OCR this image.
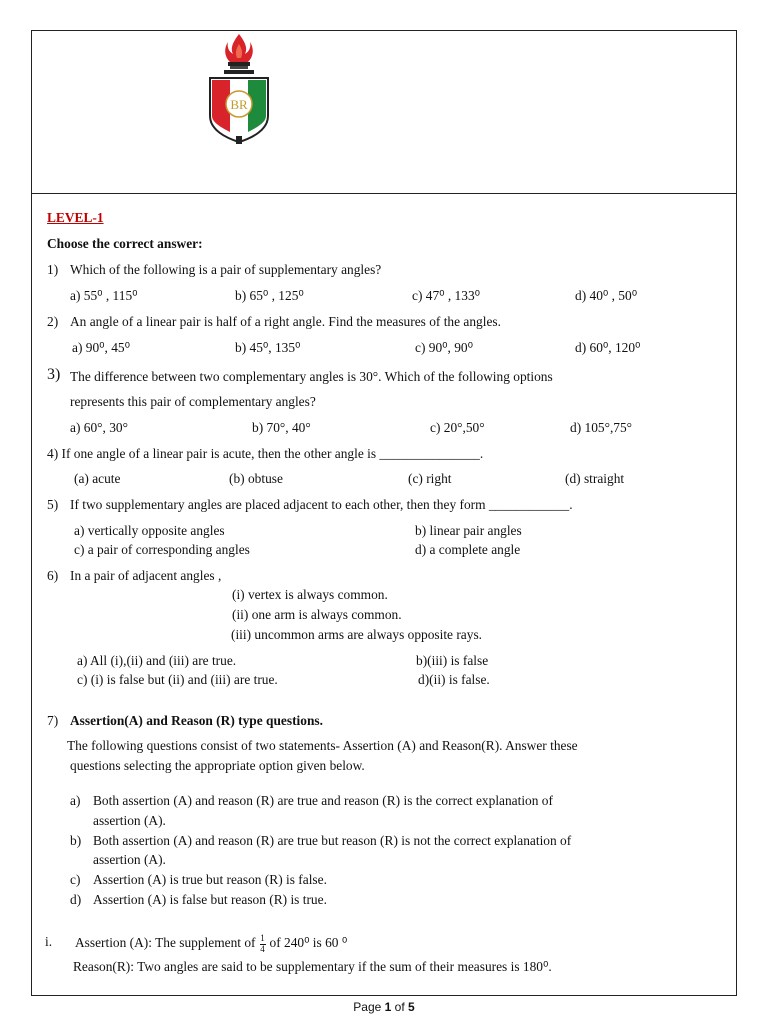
BR
LEVEL-1
Choose the correct answer:
1) Which of the following is a pair of supplementary angles?
a) 55⁰ , 115⁰	b) 65⁰ , 125⁰	c) 47⁰ , 133⁰	d) 40⁰ , 50⁰
2) An angle of a linear pair is half of a right angle. Find the measures of the angles.
a) 90⁰, 45⁰	b) 45⁰, 135⁰	c) 90⁰, 90⁰	d) 60⁰, 120⁰
3) The difference between two complementary angles is 30°. Which of the following options
represents this pair of complementary angles?
a) 60°, 30°	b) 70°, 40°	c) 20°,50°	d) 105°,75°
4) If one angle of a linear pair is acute, then the other angle is _______________.
(a) acute	(b) obtuse	(c) right	(d) straight
5) If two supplementary angles are placed adjacent to each other, then they form ____________.
a) vertically opposite angles	b) linear pair angles
c) a pair of corresponding angles	d) a complete angle
6) In a pair of adjacent angles ,
(i) vertex is always common.
(ii) one arm is always common.
(iii) uncommon arms are always opposite rays.
a) All (i),(ii) and (iii) are true.	b)(iii) is false
c) (i) is false but (ii) and (iii) are true.	d)(ii) is false.
7) Assertion(A) and Reason (R) type questions.
The following questions consist of two statements- Assertion (A) and Reason(R). Answer these
questions selecting the appropriate option given below.
a) Both assertion (A) and reason (R) are true and reason (R) is the correct explanation of
assertion (A).
b) Both assertion (A) and reason (R) are true but reason (R) is not the correct explanation of
assertion (A).
c) Assertion (A) is true but reason (R) is false.
d) Assertion (A) is false but reason (R) is true.
i. Assertion (A): The supplement of $\frac{1}{4}$ of 240⁰ is 60 ⁰
Reason(R): Two angles are said to be supplementary if the sum of their measures is 180⁰.
Page 1 of 5
